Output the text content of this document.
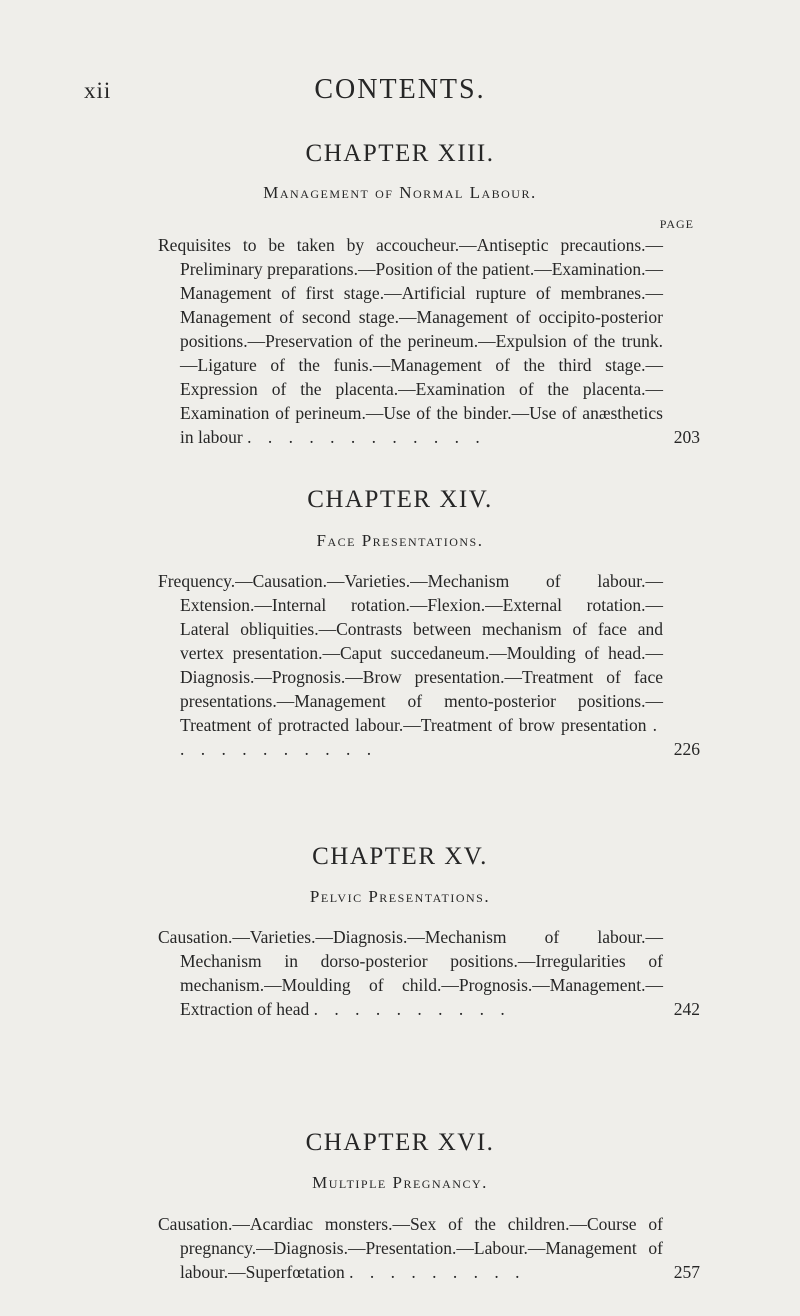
xii	CONTENTS.

CHAPTER XIII.

Management of Normal Labour.

PAGE
Requisites to be taken by accoucheur.—Antiseptic precautions.—Preliminary preparations.—Position of the patient.—Examination.—Management of first stage.—Artificial rupture of membranes.—Management of second stage.—Management of occipito-posterior positions.—Preservation of the perineum.—Expulsion of the trunk.—Ligature of the funis.—Management of the third stage.—Expression of the placenta.—Examination of the placenta.—Examination of perineum.—Use of the binder.—Use of anæsthetics in labour . . . . . . . . . . . .	203

CHAPTER XIV.

Face Presentations.

Frequency.—Causation.—Varieties.—Mechanism of labour.—Extension.—Internal rotation.—Flexion.—External rotation.—Lateral obliquities.—Contrasts between mechanism of face and vertex presentation.—Caput succedaneum.—Moulding of head.—Diagnosis.—Prognosis.—Brow presentation.—Treatment of face presentations.—Management of mento-posterior positions.—Treatment of protracted labour.—Treatment of brow presentation . . . . . . . . . . .	226

CHAPTER XV.

Pelvic Presentations.

Causation.—Varieties.—Diagnosis.—Mechanism of labour.—Mechanism in dorso-posterior positions.—Irregularities of mechanism.—Moulding of child.—Prognosis.—Management.—Extraction of head . . . . . . . . . .	242

CHAPTER XVI.

Multiple Pregnancy.

Causation.—Acardiac monsters.—Sex of the children.—Course of pregnancy.—Diagnosis.—Presentation.—Labour.—Management of labour.—Superfœtation . . . . . . . . .	257
